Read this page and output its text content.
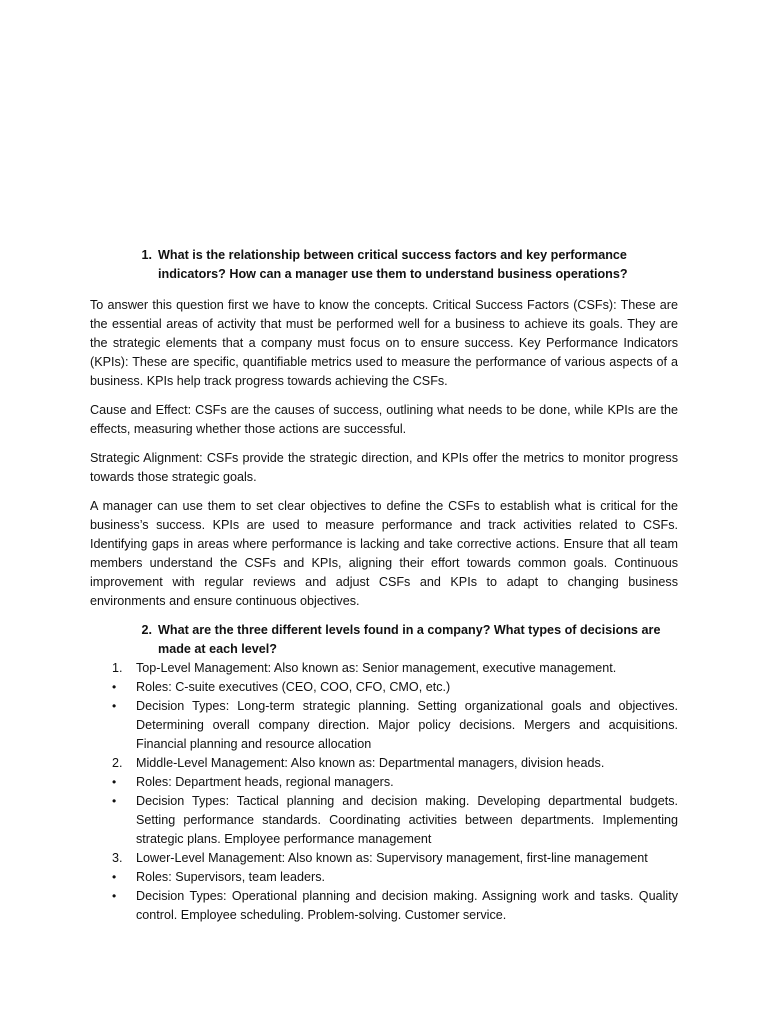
1. What is the relationship between critical success factors and key performance indicators? How can a manager use them to understand business operations?

To answer this question first we have to know the concepts. Critical Success Factors (CSFs): These are the essential areas of activity that must be performed well for a business to achieve its goals. They are the strategic elements that a company must focus on to ensure success. Key Performance Indicators (KPIs): These are specific, quantifiable metrics used to measure the performance of various aspects of a business. KPIs help track progress towards achieving the CSFs.

Cause and Effect: CSFs are the causes of success, outlining what needs to be done, while KPIs are the effects, measuring whether those actions are successful.

Strategic Alignment: CSFs provide the strategic direction, and KPIs offer the metrics to monitor progress towards those strategic goals.

A manager can use them to set clear objectives to define the CSFs to establish what is critical for the business’s success. KPIs are used to measure performance and track activities related to CSFs. Identifying gaps in areas where performance is lacking and take corrective actions. Ensure that all team members understand the CSFs and KPIs, aligning their effort towards common goals. Continuous improvement with regular reviews and adjust CSFs and KPIs to adapt to changing business environments and ensure continuous objectives.

2. What are the three different levels found in a company? What types of decisions are made at each level?
1.	Top-Level Management: Also known as: Senior management, executive management.
•	Roles: C-suite executives (CEO, COO, CFO, CMO, etc.)
•	Decision Types: Long-term strategic planning. Setting organizational goals and objectives. Determining overall company direction. Major policy decisions. Mergers and acquisitions. Financial planning and resource allocation
2.	Middle-Level Management: Also known as: Departmental managers, division heads.
•	Roles: Department heads, regional managers.
•	Decision Types: Tactical planning and decision making. Developing departmental budgets. Setting performance standards. Coordinating activities between departments. Implementing strategic plans. Employee performance management
3.	Lower-Level Management: Also known as: Supervisory management, first-line management
•	Roles: Supervisors, team leaders.
•	Decision Types: Operational planning and decision making. Assigning work and tasks. Quality control. Employee scheduling. Problem-solving. Customer service.
